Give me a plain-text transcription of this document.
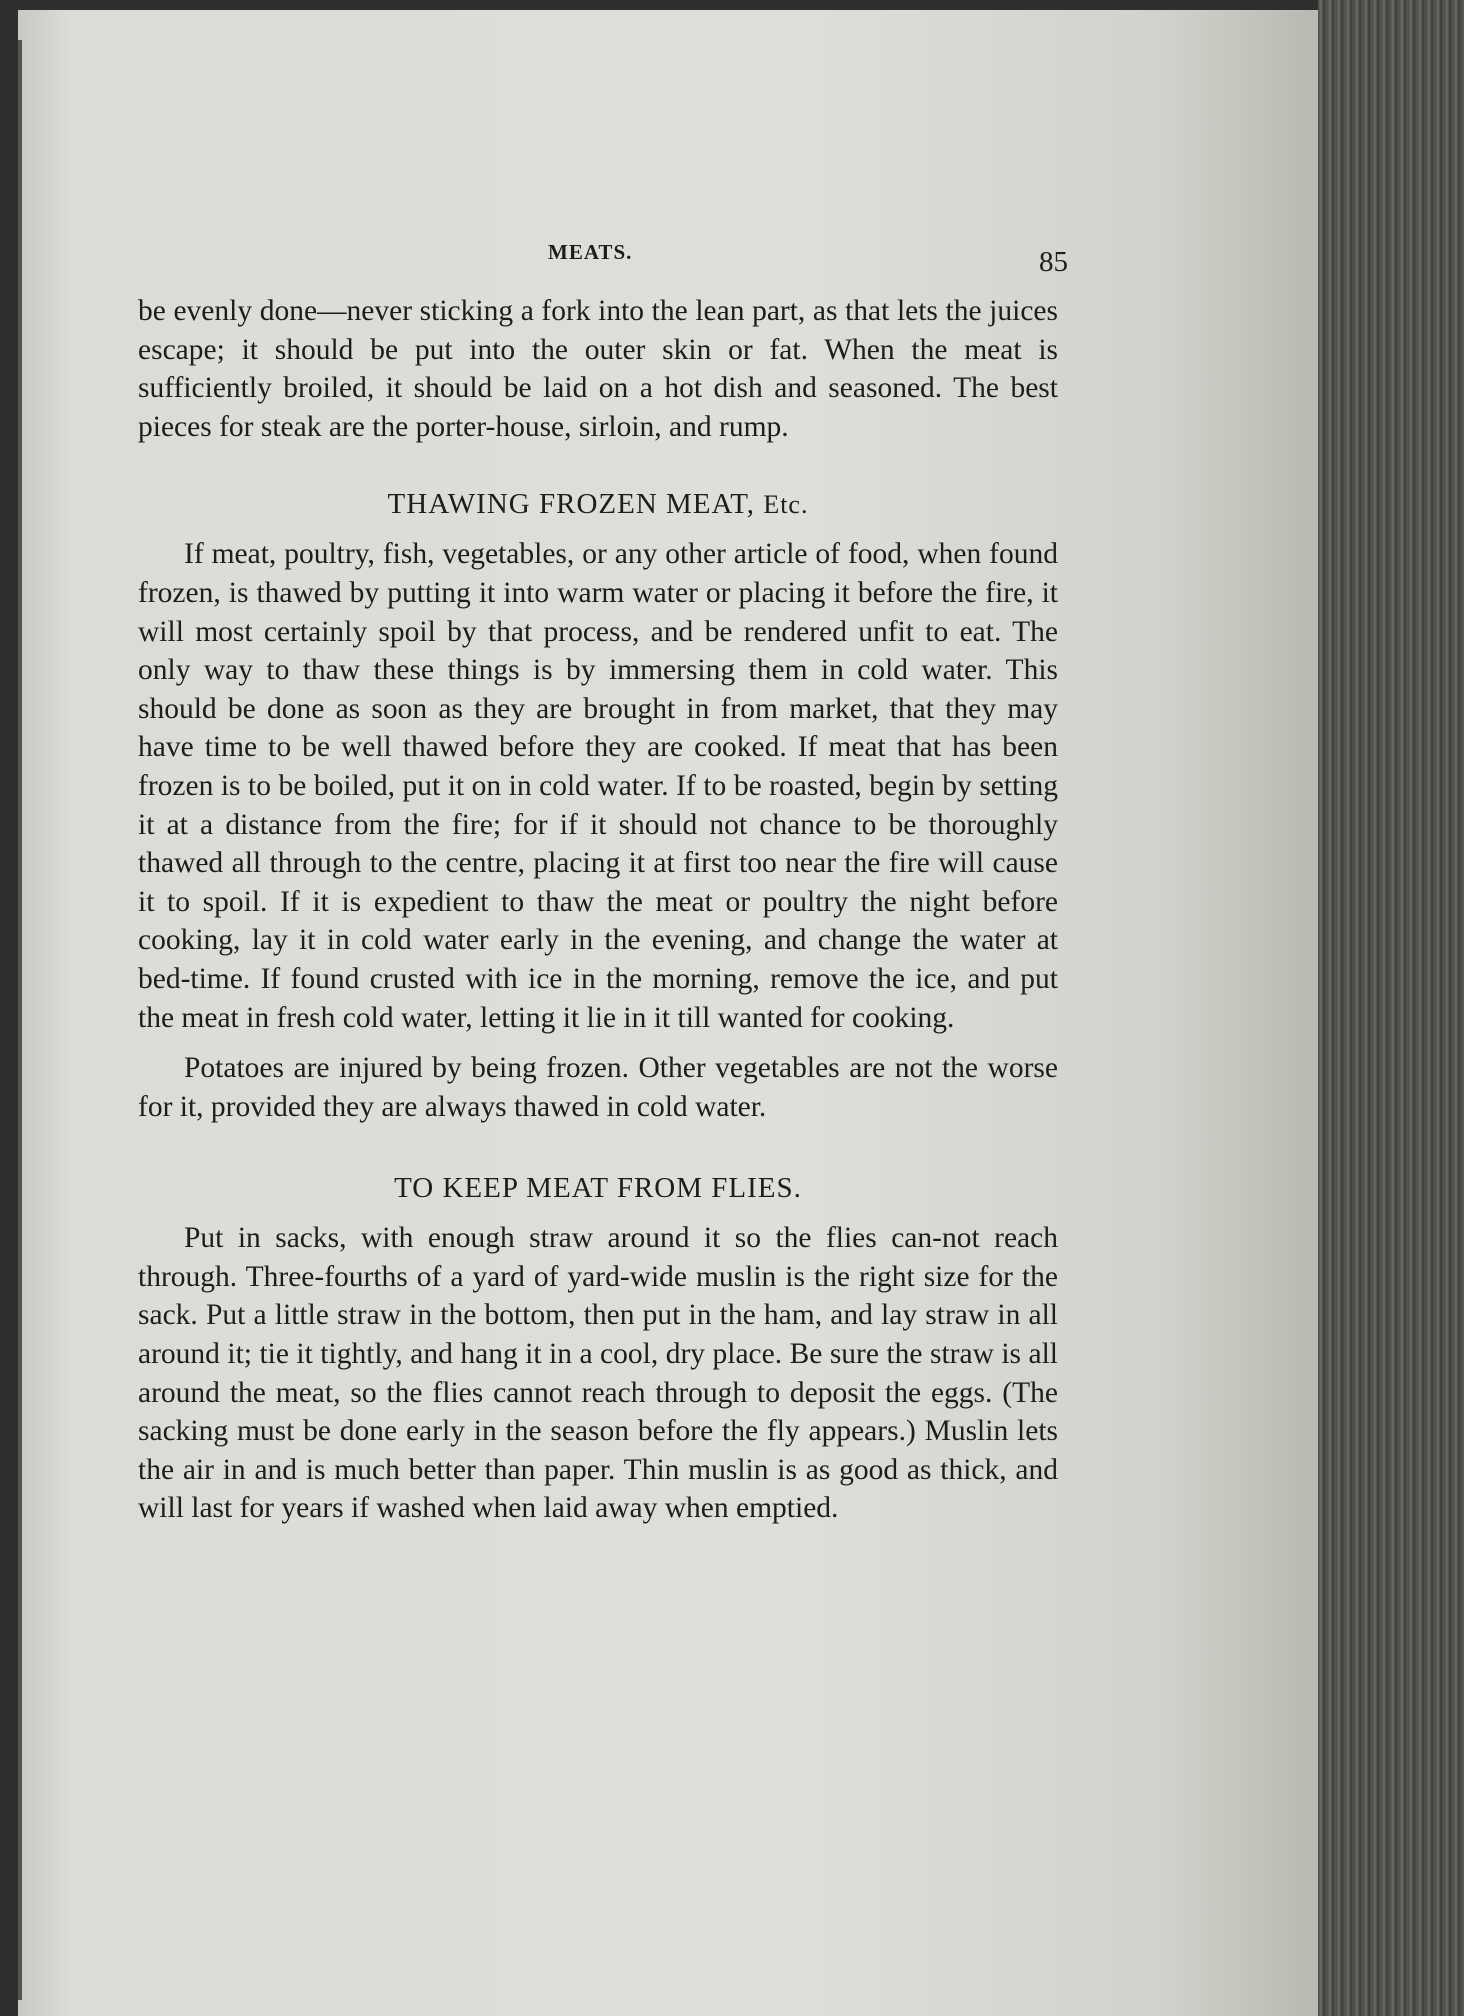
MEATS.	85

be evenly done—never sticking a fork into the lean part, as that lets the juices escape; it should be put into the outer skin or fat. When the meat is sufficiently broiled, it should be laid on a hot dish and seasoned. The best pieces for steak are the porter-house, sirloin, and rump.

THAWING FROZEN MEAT, Etc.

If meat, poultry, fish, vegetables, or any other article of food, when found frozen, is thawed by putting it into warm water or placing it before the fire, it will most certainly spoil by that process, and be rendered unfit to eat. The only way to thaw these things is by immersing them in cold water. This should be done as soon as they are brought in from market, that they may have time to be well thawed before they are cooked. If meat that has been frozen is to be boiled, put it on in cold water. If to be roasted, begin by setting it at a distance from the fire; for if it should not chance to be thoroughly thawed all through to the centre, placing it at first too near the fire will cause it to spoil. If it is expedient to thaw the meat or poultry the night before cooking, lay it in cold water early in the evening, and change the water at bed-time. If found crusted with ice in the morning, remove the ice, and put the meat in fresh cold water, letting it lie in it till wanted for cooking.

Potatoes are injured by being frozen. Other vegetables are not the worse for it, provided they are always thawed in cold water.

TO KEEP MEAT FROM FLIES.

Put in sacks, with enough straw around it so the flies can-not reach through. Three-fourths of a yard of yard-wide muslin is the right size for the sack. Put a little straw in the bottom, then put in the ham, and lay straw in all around it; tie it tightly, and hang it in a cool, dry place. Be sure the straw is all around the meat, so the flies cannot reach through to deposit the eggs. (The sacking must be done early in the season before the fly appears.) Muslin lets the air in and is much better than paper. Thin muslin is as good as thick, and will last for years if washed when laid away when emptied.
